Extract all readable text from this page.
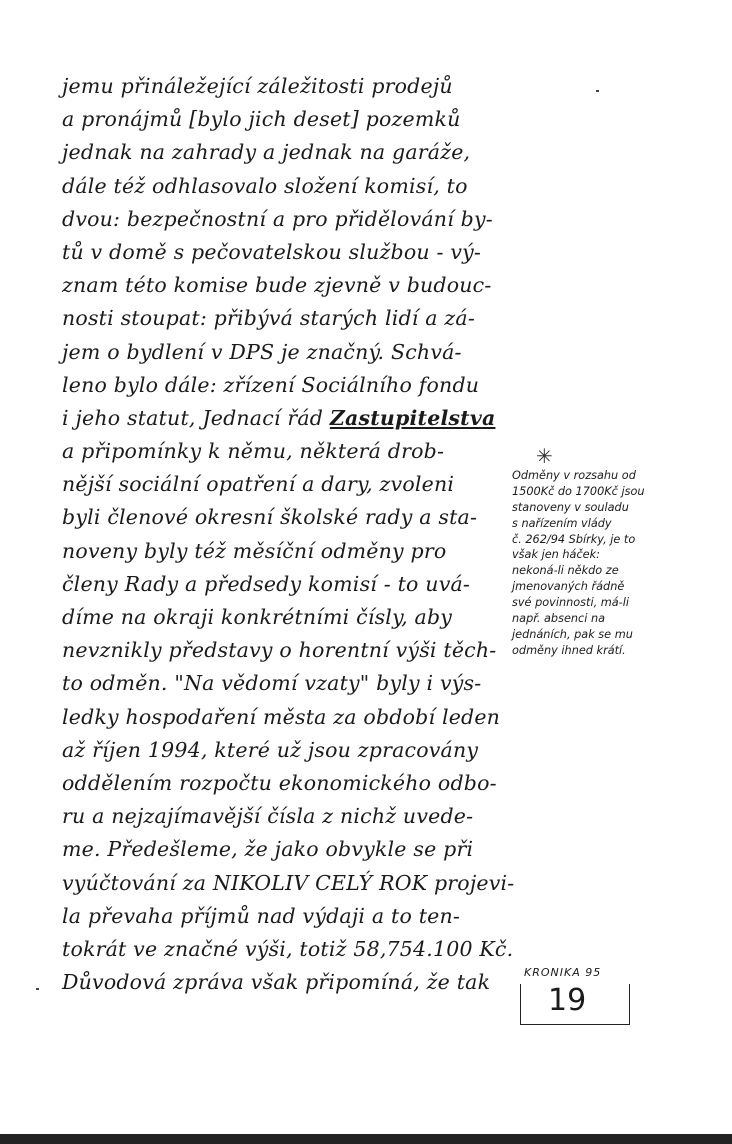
jemu přináležející záležitosti prodejů
a pronájmů [bylo jich deset] pozemků
jednak na zahrady a jednak na garáže,
dále též odhlasovalo složení komisí, to
dvou: bezpečnostní a pro přidělování by-
tů v domě s pečovatelskou službou - vý-
znam této komise bude zjevně v budouc-
nosti stoupat: přibývá starých lidí a zá-
jem o bydlení v DPS je značný. Schvá-
leno bylo dále: zřízení Sociálního fondu
i jeho statut, Jednací řád Zastupitelstva
a připomínky k němu, některá drob-
nější sociální opatření a dary, zvoleni
byli členové okresní školské rady a sta-
noveny byly též měsíční odměny pro
členy Rady a předsedy komisí - to uvá-
díme na okraji konkrétními čísly, aby
nevznikly představy o horentní výši těch-
to odměn. "Na vědomí vzaty" byly i výs-
ledky hospodaření města za období leden
až říjen 1994, které už jsou zpracovány
oddělením rozpočtu ekonomického odbo-
ru a nejzajímavější čísla z nichž uvede-
me. Předešleme, že jako obvykle se při
vyúčtování za NIKOLIV CELÝ ROK projevi-
la převaha příjmů nad výdaji a to ten-
tokrát ve značné výši, totiž 58,754.100 Kč.
Důvodová zpráva však připomíná, že tak
✳
Odměny v rozsahu od
1500Kč do 1700Kč jsou
stanoveny v souladu
s nařízením vlády
č. 262/94 Sbírky, je to
však jen háček:
nekoná-li někdo ze
jmenovaných řádně
své povinnosti, má-li
např. absenci na
jednáních, pak se mu
odměny ihned krátí.
KRONIKA 95
19
